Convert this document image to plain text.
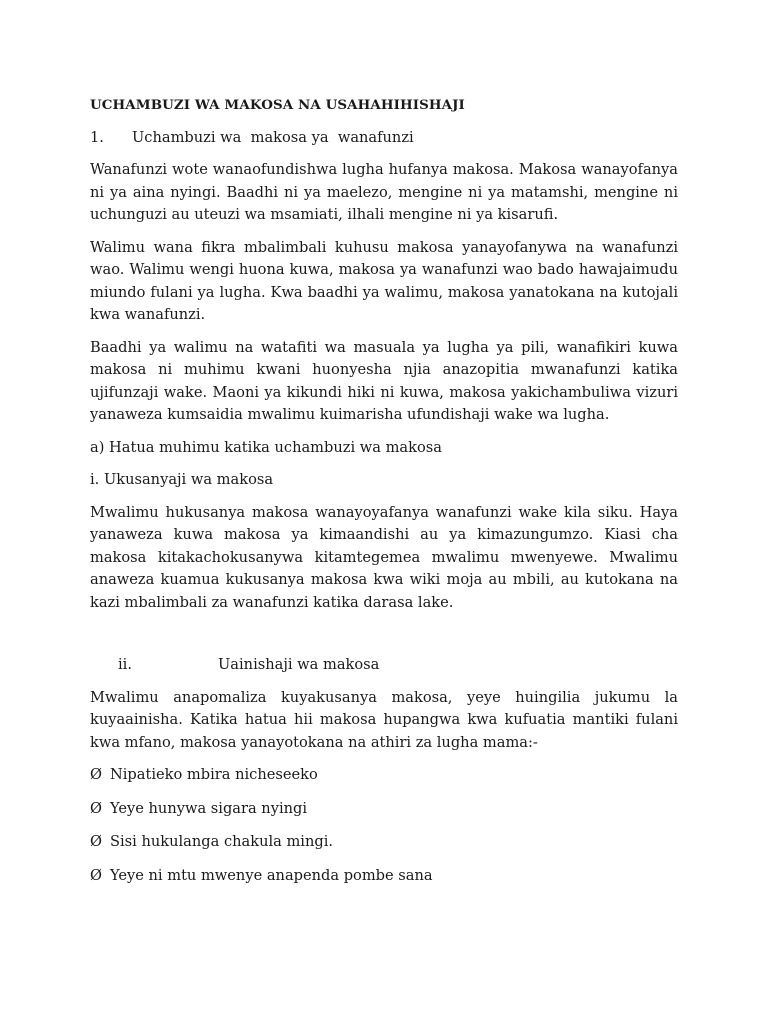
UCHAMBUZI WA MAKOSA NA USAHAHIHISHAJI
1. Uchambuzi wa  makosa ya  wanafunzi

Wanafunzi wote wanaofundishwa lugha hufanya makosa. Makosa wanayofanya ni ya aina nyingi. Baadhi ni ya maelezo, mengine ni ya matamshi, mengine ni uchunguzi au uteuzi wa msamiati, ilhali mengine ni ya kisarufi.

Walimu wana fikra mbalimbali kuhusu makosa yanayofanywa na wanafunzi wao. Walimu wengi huona kuwa, makosa ya wanafunzi wao bado hawajaimudu miundo fulani ya lugha. Kwa baadhi ya walimu, makosa yanatokana na kutojali kwa wanafunzi.

Baadhi ya walimu na watafiti wa masuala ya lugha ya pili, wanafikiri kuwa makosa ni muhimu kwani huonyesha njia anazopitia mwanafunzi katika ujifunzaji wake. Maoni ya kikundi hiki ni kuwa, makosa yakichambuliwa vizuri yanaweza kumsaidia mwalimu kuimarisha ufundishaji wake wa lugha.

a) Hatua muhimu katika uchambuzi wa makosa

i. Ukusanyaji wa makosa

Mwalimu hukusanya makosa wanayoyafanya wanafunzi wake kila siku. Haya yanaweza kuwa makosa ya kimaandishi au ya kimazungumzo. Kiasi cha makosa kitakachokusanywa kitamtegemea mwalimu mwenyewe. Mwalimu anaweza kuamua kukusanya makosa kwa wiki moja au mbili, au kutokana na kazi mbalimbali za wanafunzi katika darasa lake.

ii.	Uainishaji wa makosa

Mwalimu anapomaliza kuyakusanya makosa, yeye huingilia jukumu la kuyaainisha. Katika hatua hii makosa hupangwa kwa kufuatia mantiki fulani kwa mfano, makosa yanayotokana na athiri za lugha mama:-

Ø Nipatieko mbira nicheseeko
Ø Yeye hunywa sigara nyingi
Ø Sisi hukulanga chakula mingi.
Ø Yeye ni mtu mwenye anapenda pombe sana
